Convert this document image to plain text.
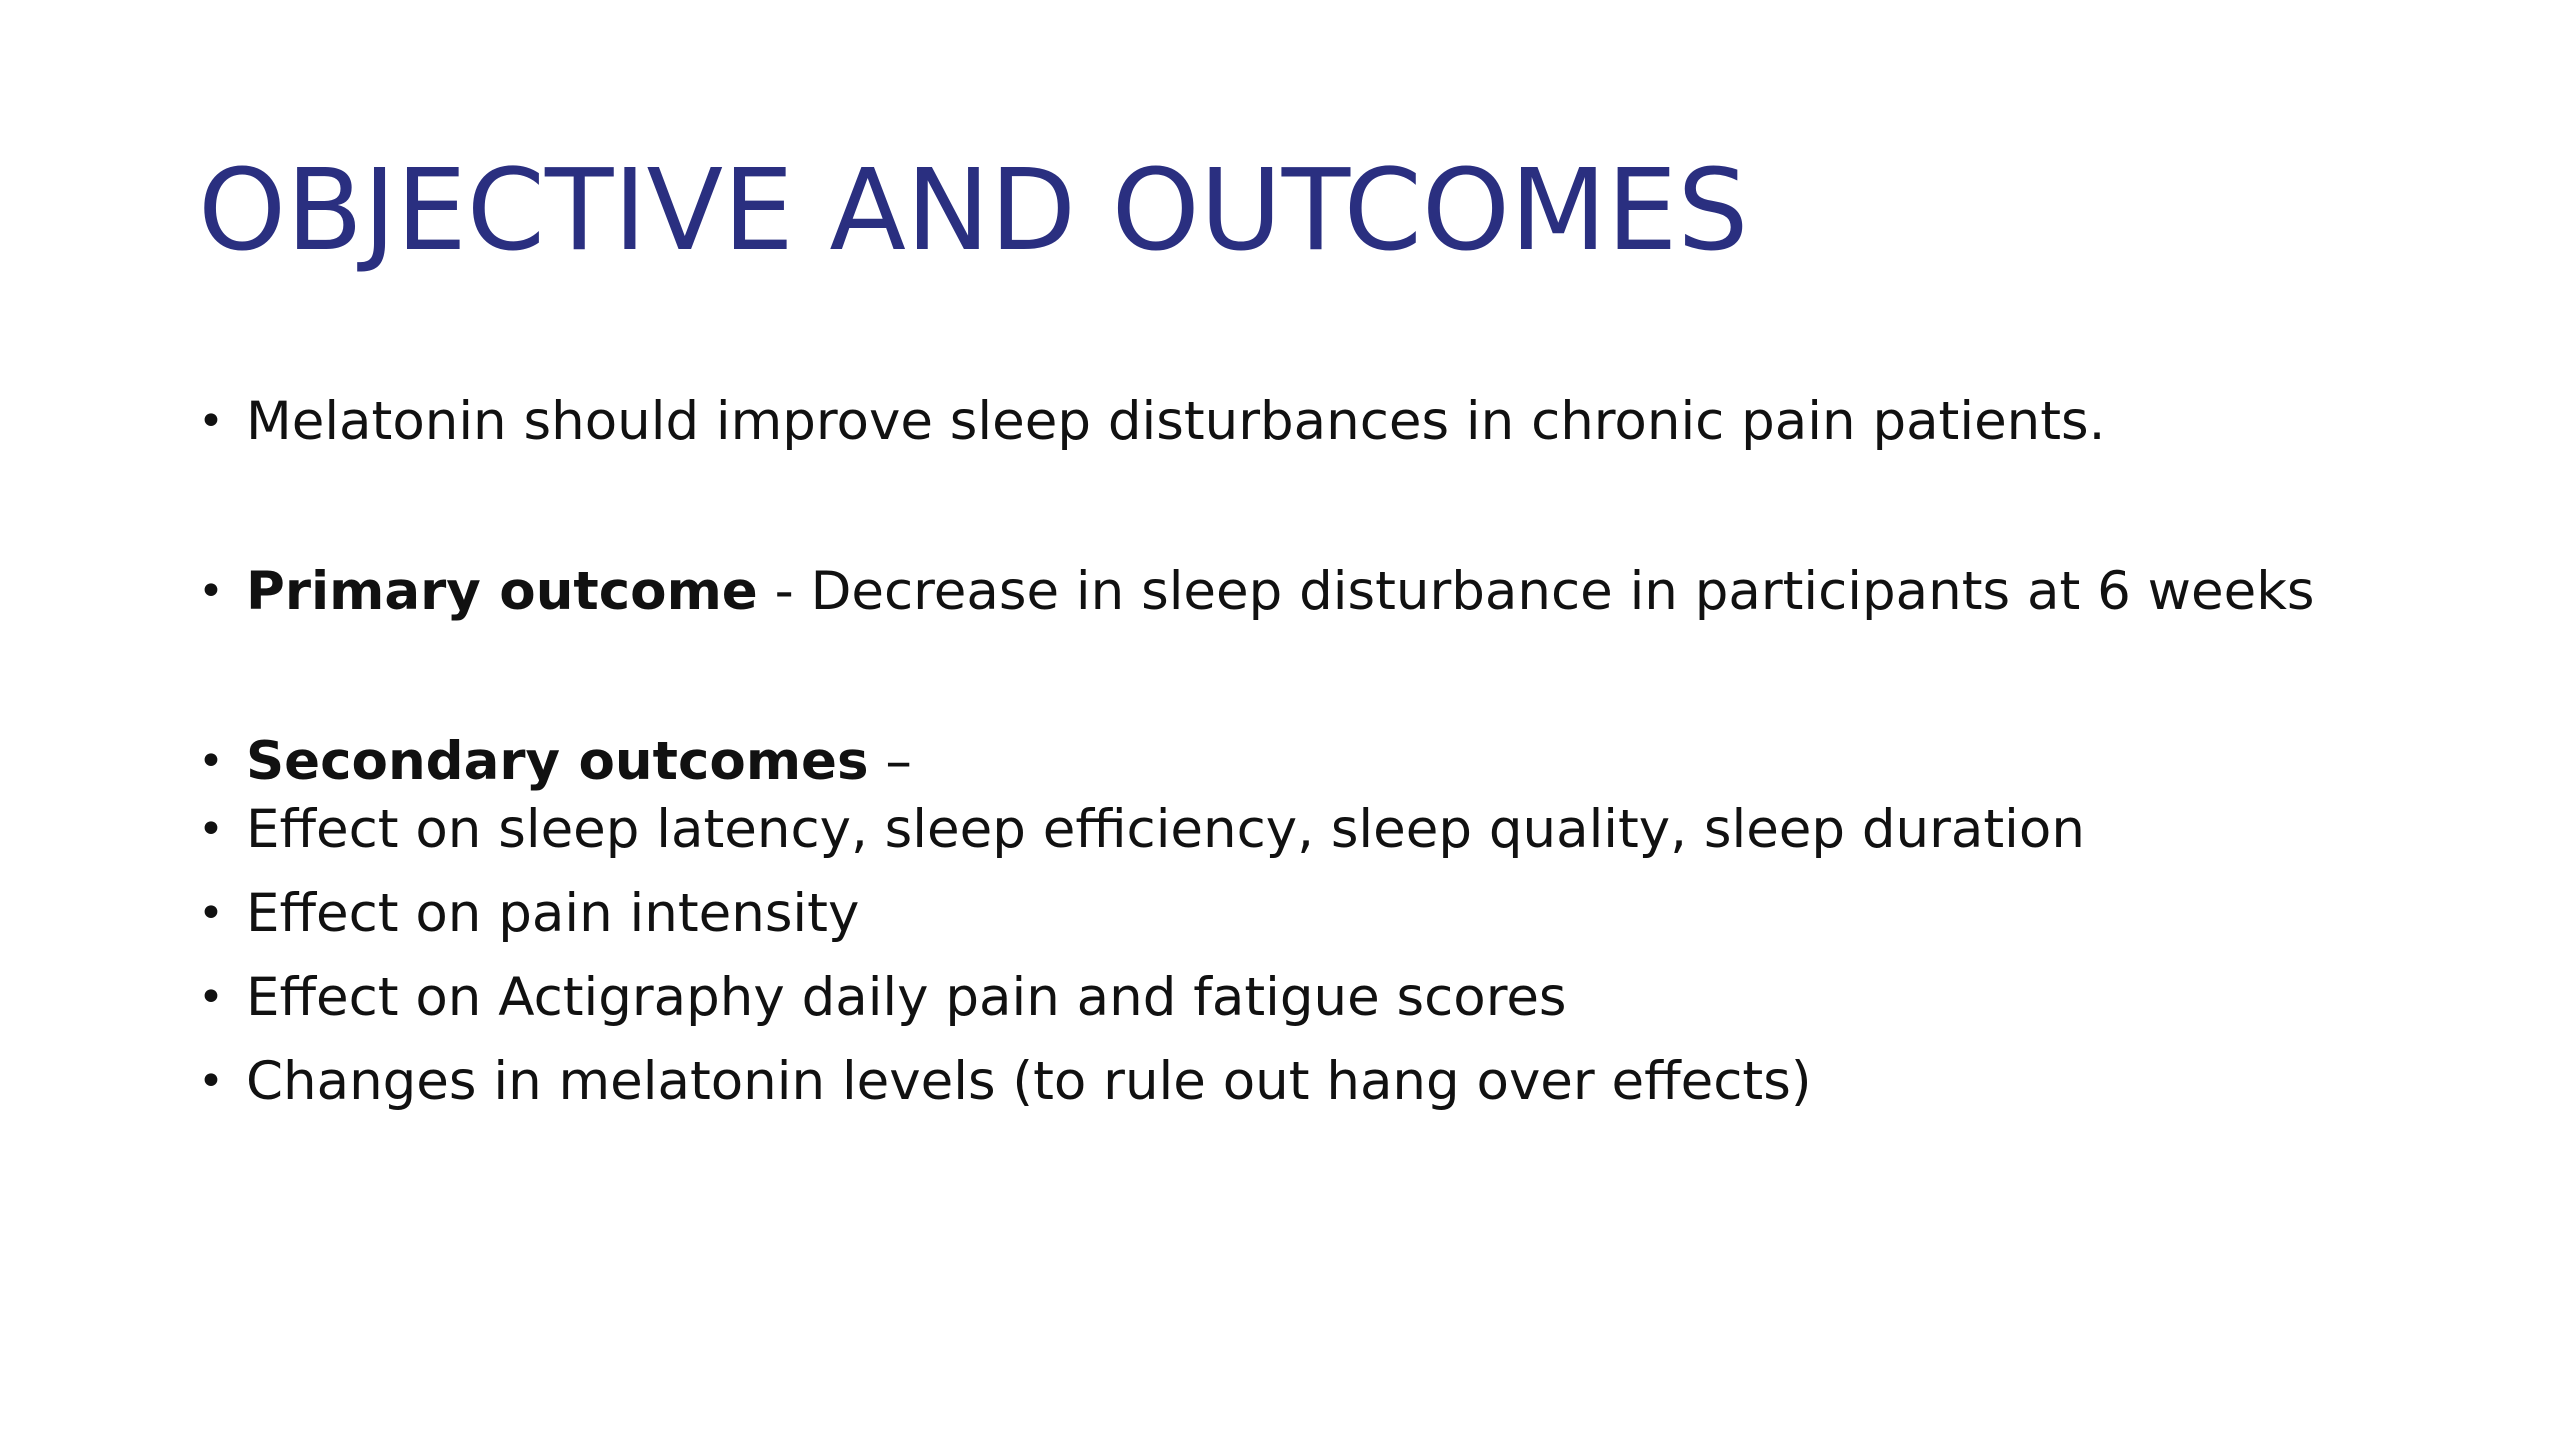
OBJECTIVE AND OUTCOMES
• Melatonin should improve sleep disturbances in chronic pain patients.
• Primary outcome - Decrease in sleep disturbance in participants at 6 weeks
• Secondary outcomes –
• Effect on sleep latency, sleep efficiency, sleep quality, sleep duration
• Effect on pain intensity
• Effect on Actigraphy daily pain and fatigue scores
• Changes in melatonin levels (to rule out hang over effects)
